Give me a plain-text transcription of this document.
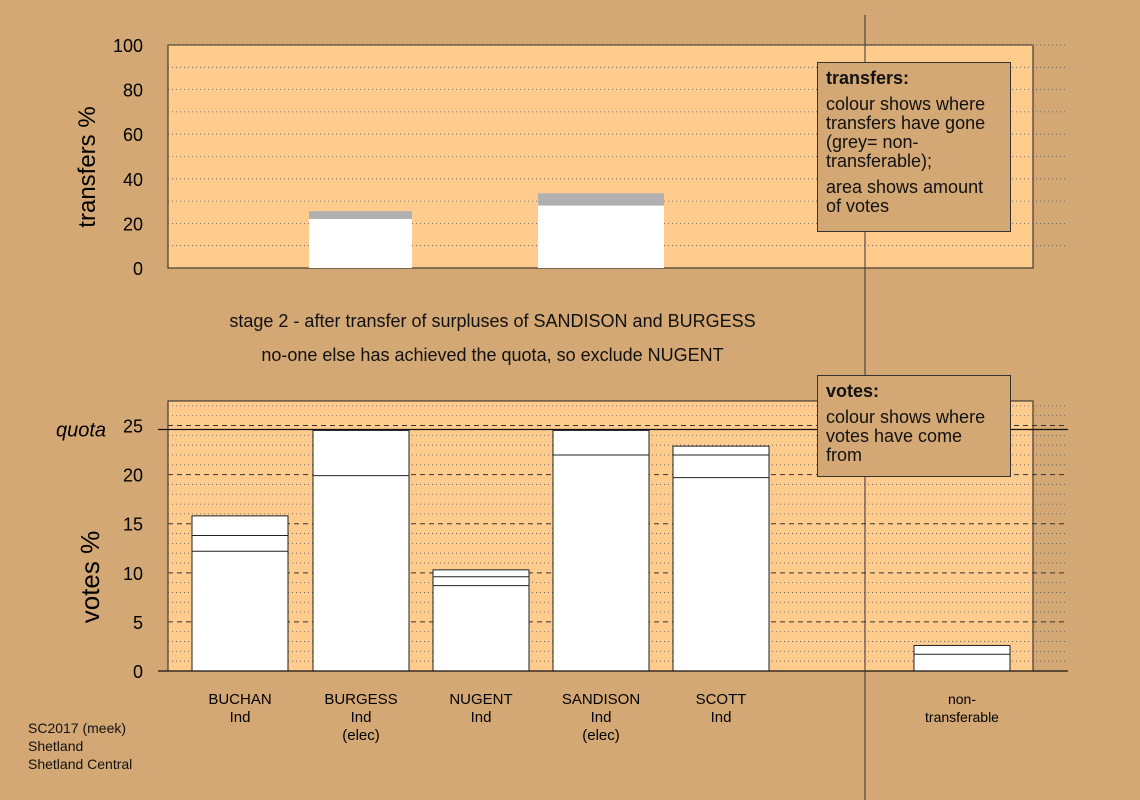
0
20
40
60
80
100
transfers %
quota
0
5
10
15
20
25
votes %
BUCHAN
Ind
BURGESS
Ind
(elec)
NUGENT
Ind
SANDISON
Ind
(elec)
SCOTT
Ind
non-
transferable
stage 2 - after transfer of surpluses of SANDISON and BURGESS
no-one else has achieved the quota, so exclude NUGENT
transfers:
colour shows where transfers have gone (grey= non-transferable);
area shows amount of votes
votes:
colour shows where votes have come from
SC2017 (meek)
Shetland
Shetland Central
